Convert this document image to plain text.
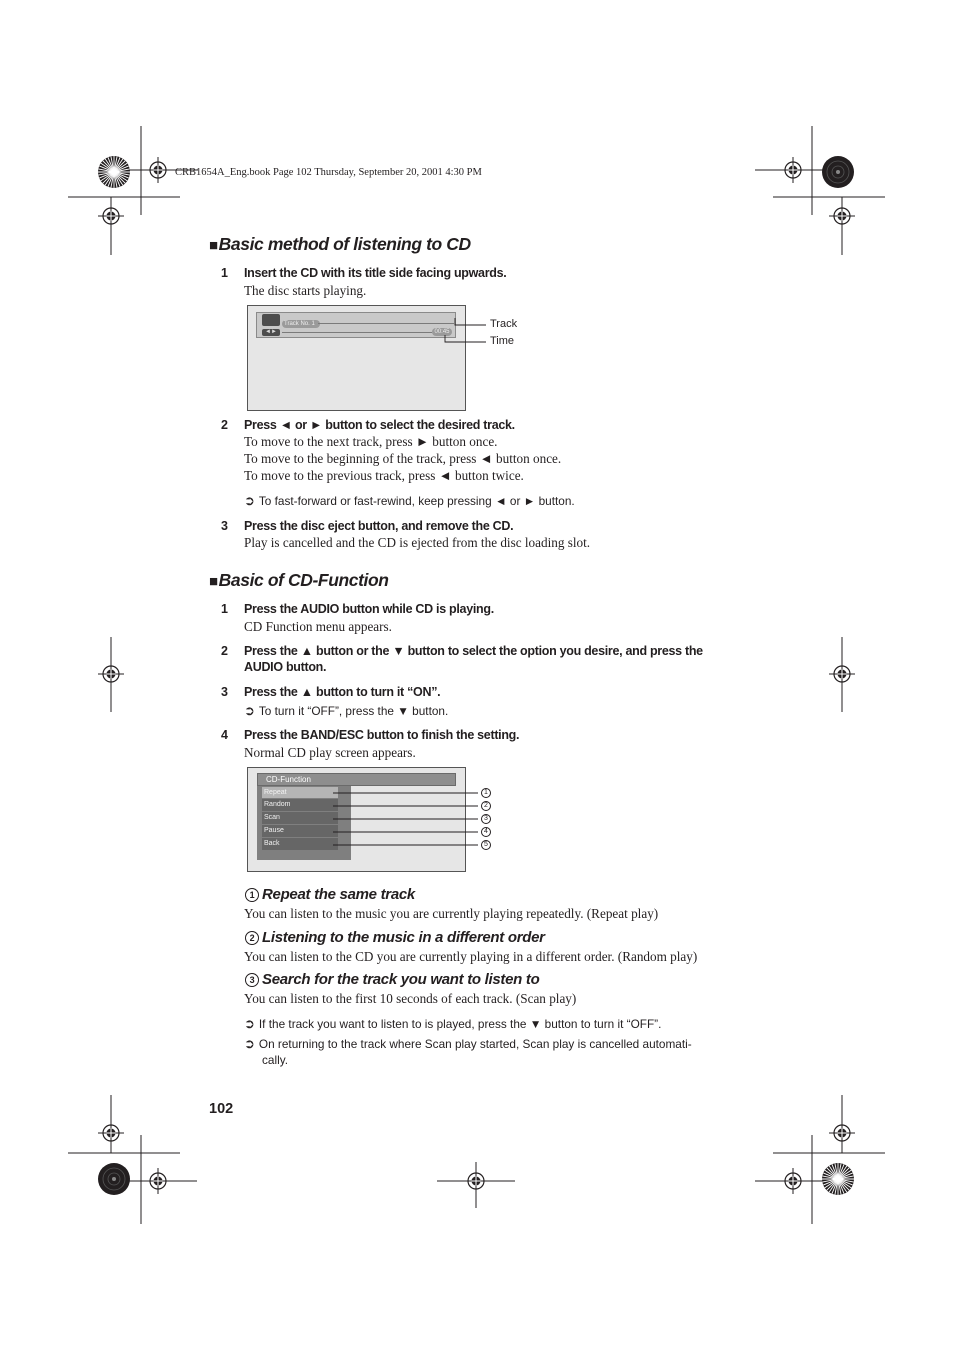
CRB1654A_Eng.book Page 102 Thursday, September 20, 2001 4:30 PM
■Basic method of listening to CD
1 Insert the CD with its title side facing upwards.
The disc starts playing.
Track No. 1
◄►	00:45
Track
Time
2 Press ◄ or ► button to select the desired track.
To move to the next track, press ► button once.
To move to the beginning of the track, press ◄ button once.
To move to the previous track, press ◄ button twice.
➲ To fast-forward or fast-rewind, keep pressing ◄ or ► button.
3 Press the disc eject button, and remove the CD.
Play is cancelled and the CD is ejected from the disc loading slot.
■Basic of CD-Function
1 Press the AUDIO button while CD is playing.
CD Function menu appears.
2 Press the ▲ button or the ▼ button to select the option you desire, and press the
AUDIO button.
3 Press the ▲ button to turn it “ON”.
➲ To turn it “OFF”, press the ▼ button.
4 Press the BAND/ESC button to finish the setting.
Normal CD play screen appears.
CD-Function
Repeat
Random
Scan
Pause
Back
1
2
3
4
5
1 Repeat the same track
You can listen to the music you are currently playing repeatedly. (Repeat play)
2 Listening to the music in a different order
You can listen to the CD you are currently playing in a different order. (Random play)
3 Search for the track you want to listen to
You can listen to the first 10 seconds of each track. (Scan play)
➲ If the track you want to listen to is played, press the ▼ button to turn it “OFF”.
➲ On returning to the track where Scan play started, Scan play is cancelled automati-
cally.
102
